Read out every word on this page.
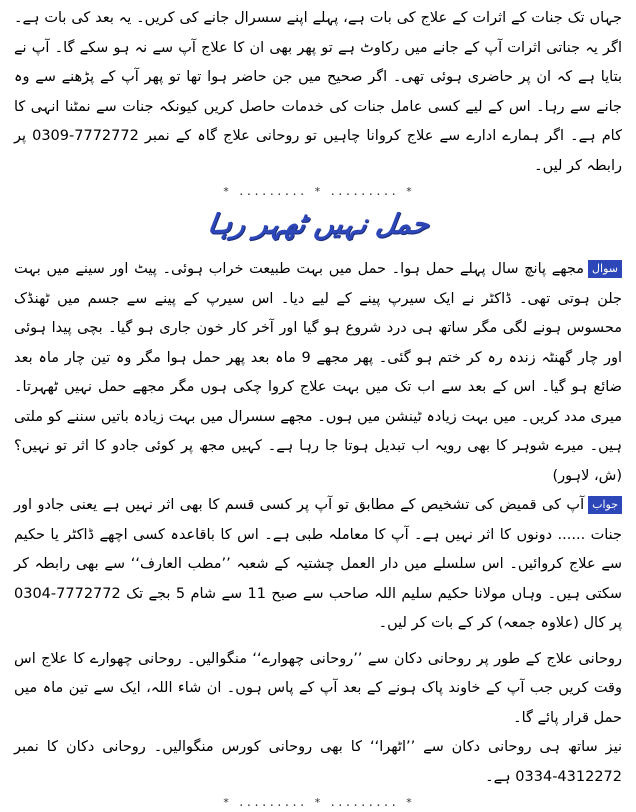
جہاں تک جنات کے اثرات کے علاج کی بات ہے، پہلے اپنے سسرال جانے کی کریں۔ یہ بعد کی بات ہے۔ اگر یہ جناتی اثرات آپ کے جانے میں رکاوٹ ہے تو پھر بھی ان کا علاج آپ سے نہ ہو سکے گا۔ آپ نے بتایا ہے کہ ان پر حاضری ہوئی تھی۔ اگر صحیح میں جن حاضر ہوا تھا تو پھر آپ کے پڑھنے سے وہ جانے سے رہا۔ اس کے لیے کسی عامل جنات کی خدمات حاصل کریں کیونکہ جنات سے نمٹنا انہی کا کام ہے۔ اگر ہمارے ادارے سے علاج کروانا چاہیں تو روحانی علاج گاہ کے نمبر 7772772-0309 پر رابطہ کر لیں۔

* ......... * ......... *
حمل نہیں ٹھہر رہا

سوالمجھے پانچ سال پہلے حمل ہوا۔ حمل میں بہت طبیعت خراب ہوئی۔ پیٹ اور سینے میں بہت جلن ہوتی تھی۔ ڈاکٹر نے ایک سیرپ پینے کے لیے دیا۔ اس سیرپ کے پینے سے جسم میں ٹھنڈک محسوس ہونے لگی مگر ساتھ ہی درد شروع ہو گیا اور آخر کار خون جاری ہو گیا۔ بچی پیدا ہوئی اور چار گھنٹہ زندہ رہ کر ختم ہو گئی۔ پھر مجھے 9 ماہ بعد پھر حمل ہوا مگر وہ تین چار ماہ بعد ضائع ہو گیا۔ اس کے بعد سے اب تک میں بہت علاج کروا چکی ہوں مگر مجھے حمل نہیں ٹھہرتا۔ میری مدد کریں۔ میں بہت زیادہ ٹینشن میں ہوں۔ مجھے سسرال میں بہت زیادہ باتیں سننے کو ملتی ہیں۔ میرے شوہر کا بھی رویہ اب تبدیل ہوتا جا رہا ہے۔ کہیں مجھ پر کوئی جادو کا اثر تو نہیں؟ (ش، لاہور)

جوابآپ کی قمیض کی تشخیص کے مطابق تو آپ پر کسی قسم کا بھی اثر نہیں ہے یعنی جادو اور جنات ...... دونوں کا اثر نہیں ہے۔ آپ کا معاملہ طبی ہے۔ اس کا باقاعدہ کسی اچھے ڈاکٹر یا حکیم سے علاج کروائیں۔ اس سلسلے میں دار العمل چشتیہ کے شعبہ ’’مطب العارف‘‘ سے بھی رابطہ کر سکتی ہیں۔ وہاں مولانا حکیم سلیم اللہ صاحب سے صبح 11 سے شام 5 بجے تک 7772772-0304 پر کال (علاوہ جمعہ) کر کے بات کر لیں۔

روحانی علاج کے طور پر روحانی دکان سے ’’روحانی چھوارے‘‘ منگوالیں۔ روحانی چھوارے کا علاج اس وقت کریں جب آپ کے خاوند پاک ہونے کے بعد آپ کے پاس ہوں۔ ان شاء اللہ، ایک سے تین ماہ میں حمل قرار پائے گا۔

نیز ساتھ ہی روحانی دکان سے ’’اٹھرا‘‘ کا بھی روحانی کورس منگوالیں۔ روحانی دکان کا نمبر 4312272-0334 ہے۔

* ......... * ......... *
